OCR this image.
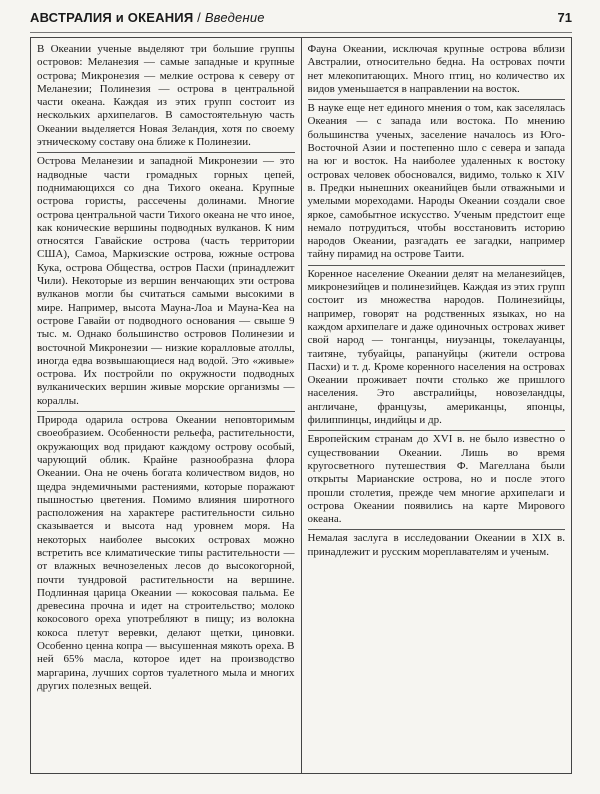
АВСТРАЛИЯ и ОКЕАНИЯ / Введение	71

В Океании ученые выделяют три большие группы островов: Меланезия — самые западные и крупные острова; Микронезия — мелкие острова к северу от Меланезии; Полинезия — острова в центральной части океана. Каждая из этих групп состоит из нескольких архипелагов. В самостоятельную часть Океании выделяется Новая Зеландия, хотя по своему этническому составу она ближе к Полинезии.

Острова Меланезии и западной Микронезии — это надводные части громадных горных цепей, поднимающихся со дна Тихого океана. Крупные острова гористы, рассечены долинами. Многие острова центральной части Тихого океана не что иное, как конические вершины подводных вулканов. К ним относятся Гавайские острова (часть территории США), Самоа, Маркизские острова, южные острова Кука, острова Общества, остров Пасхи (принадлежит Чили). Некоторые из вершин венчающих эти острова вулканов могли бы считаться самыми высокими в мире. Например, высота Мауна-Лоа и Мауна-Кеа на острове Гавайи от подводного основания — свыше 9 тыс. м. Однако большинство островов Полинезии и восточной Микронезии — низкие коралловые атоллы, иногда едва возвышающиеся над водой. Это «живые» острова. Их постройли по окружности подводных вулканических вершин живые морские организмы — кораллы.

Природа одарила острова Океании неповторимым своеобразием. Особенности рельефа, растительности, окружающих вод придают каждому острову особый, чарующий облик. Крайне разнообразна флора Океании. Она не очень богата количеством видов, но щедра эндемичными растениями, которые поражают пышностью цветения. Помимо влияния широтного расположения на характере растительности сильно сказывается и высота над уровнем моря. На некоторых наиболее высоких островах можно встретить все климатические типы растительности — от влажных вечнозеленых лесов до высокогорной, почти тундровой растительности на вершине. Подлинная царица Океании — кокосовая пальма. Ее древесина прочна и идет на строительство; молоко кокосового ореха употребляют в пищу; из волокна кокоса плетут веревки, делают щетки, циновки. Особенно ценна копра — высушенная мякоть ореха. В ней 65% масла, которое идет на производство маргарина, лучших сортов туалетного мыла и многих других полезных вещей.

Фауна Океании, исключая крупные острова вблизи Австралии, относительно бедна. На островах почти нет млекопитающих. Много птиц, но количество их видов уменьшается в направлении на восток.

В науке еще нет единого мнения о том, как заселялась Океания — с запада или востока. По мнению большинства ученых, заселение началось из Юго-Восточной Азии и постепенно шло с севера и запада на юг и восток. На наиболее удаленных к востоку островах человек обосновался, видимо, только к XIV в. Предки нынешних океанийцев были отважными и умелыми мореходами. Народы Океании создали свое яркое, самобытное искусство. Ученым предстоит еще немало потрудиться, чтобы восстановить историю народов Океании, разгадать ее загадки, например тайну пирамид на острове Таити.

Коренное население Океании делят на меланезийцев, микронезийцев и полинезийцев. Каждая из этих групп состоит из множества народов. Полинезийцы, например, говорят на родственных языках, но на каждом архипелаге и даже одиночных островах живет свой народ — тонганцы, ниуэанцы, токелауанцы, таитяне, тубуайцы, рапануйцы (жители острова Пасхи) и т. д. Кроме коренного населения на островах Океании проживает почти столько же пришлого населения. Это австралийцы, новозеландцы, англичане, французы, американцы, японцы, филиппинцы, индийцы и др.

Европейским странам до XVI в. не было известно о существовании Океании. Лишь во время кругосветного путешествия Ф. Магеллана были открыты Марианские острова, но и после этого прошли столетия, прежде чем многие архипелаги и острова Океании появились на карте Мирового океана.

Немалая заслуга в исследовании Океании в XIX в. принадлежит и русским мореплавателям и ученым.
